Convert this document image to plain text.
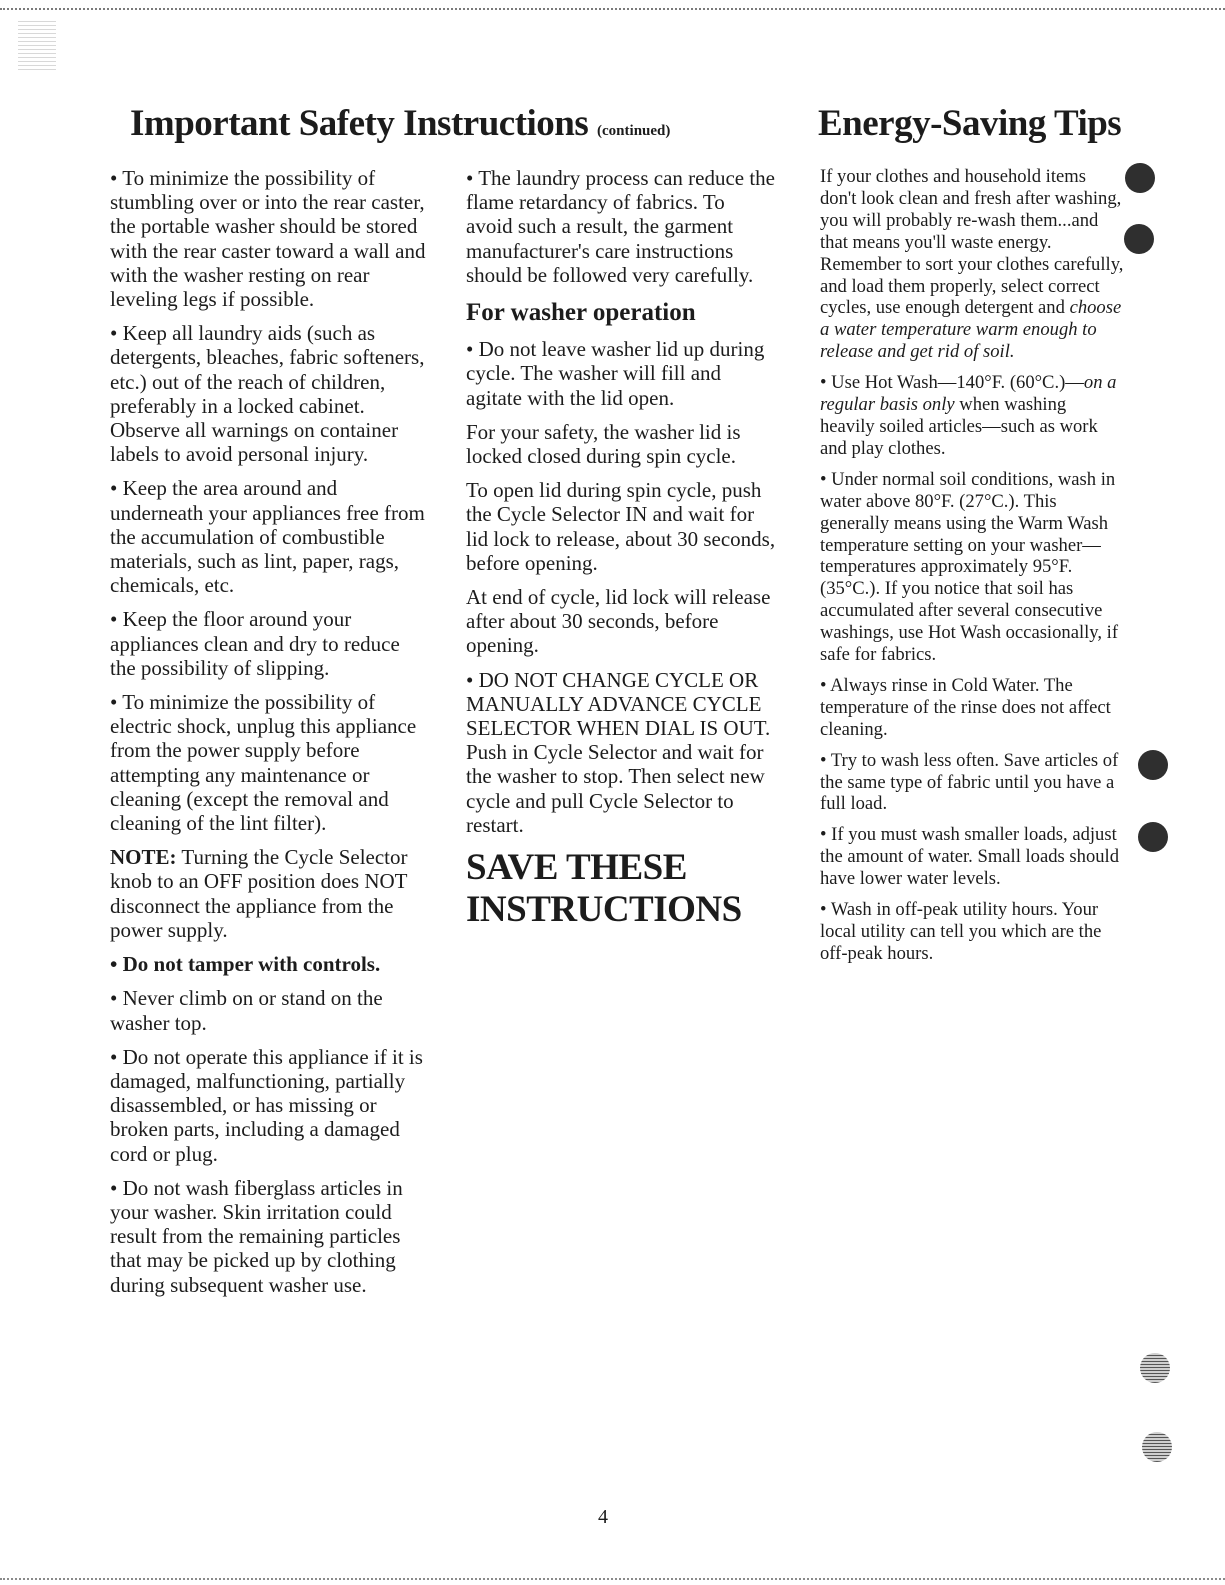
Important Safety Instructions (continued)	Energy-Saving Tips

• To minimize the possibility of stumbling over or into the rear caster, the portable washer should be stored with the rear caster toward a wall and with the washer resting on rear leveling legs if possible.

• Keep all laundry aids (such as detergents, bleaches, fabric softeners, etc.) out of the reach of children, preferably in a locked cabinet. Observe all warnings on container labels to avoid personal injury.

• Keep the area around and underneath your appliances free from the accumulation of combustible materials, such as lint, paper, rags, chemicals, etc.

• Keep the floor around your appliances clean and dry to reduce the possibility of slipping.

• To minimize the possibility of electric shock, unplug this appliance from the power supply before attempting any maintenance or cleaning (except the removal and cleaning of the lint filter).

NOTE: Turning the Cycle Selector knob to an OFF position does NOT disconnect the appliance from the power supply.

• Do not tamper with controls.

• Never climb on or stand on the washer top.

• Do not operate this appliance if it is damaged, malfunctioning, partially disassembled, or has missing or broken parts, including a damaged cord or plug.

• Do not wash fiberglass articles in your washer. Skin irritation could result from the remaining particles that may be picked up by clothing during subsequent washer use.

• The laundry process can reduce the flame retardancy of fabrics. To avoid such a result, the garment manufacturer's care instructions should be followed very carefully.

For washer operation

• Do not leave washer lid up during cycle. The washer will fill and agitate with the lid open.

For your safety, the washer lid is locked closed during spin cycle.

To open lid during spin cycle, push the Cycle Selector IN and wait for lid lock to release, about 30 seconds, before opening.

At end of cycle, lid lock will release after about 30 seconds, before opening.

• DO NOT CHANGE CYCLE OR MANUALLY ADVANCE CYCLE SELECTOR WHEN DIAL IS OUT. Push in Cycle Selector and wait for the washer to stop. Then select new cycle and pull Cycle Selector to restart.

SAVE THESE INSTRUCTIONS

If your clothes and household items don't look clean and fresh after washing, you will probably re-wash them...and that means you'll waste energy. Remember to sort your clothes carefully, and load them properly, select correct cycles, use enough detergent and choose a water temperature warm enough to release and get rid of soil.

• Use Hot Wash—140°F. (60°C.)—on a regular basis only when washing heavily soiled articles—such as work and play clothes.

• Under normal soil conditions, wash in water above 80°F. (27°C.). This generally means using the Warm Wash temperature setting on your washer—temperatures approximately 95°F. (35°C.). If you notice that soil has accumulated after several consecutive washings, use Hot Wash occasionally, if safe for fabrics.

• Always rinse in Cold Water. The temperature of the rinse does not affect cleaning.

• Try to wash less often. Save articles of the same type of fabric until you have a full load.

• If you must wash smaller loads, adjust the amount of water. Small loads should have lower water levels.

• Wash in off-peak utility hours. Your local utility can tell you which are the off-peak hours.

4
